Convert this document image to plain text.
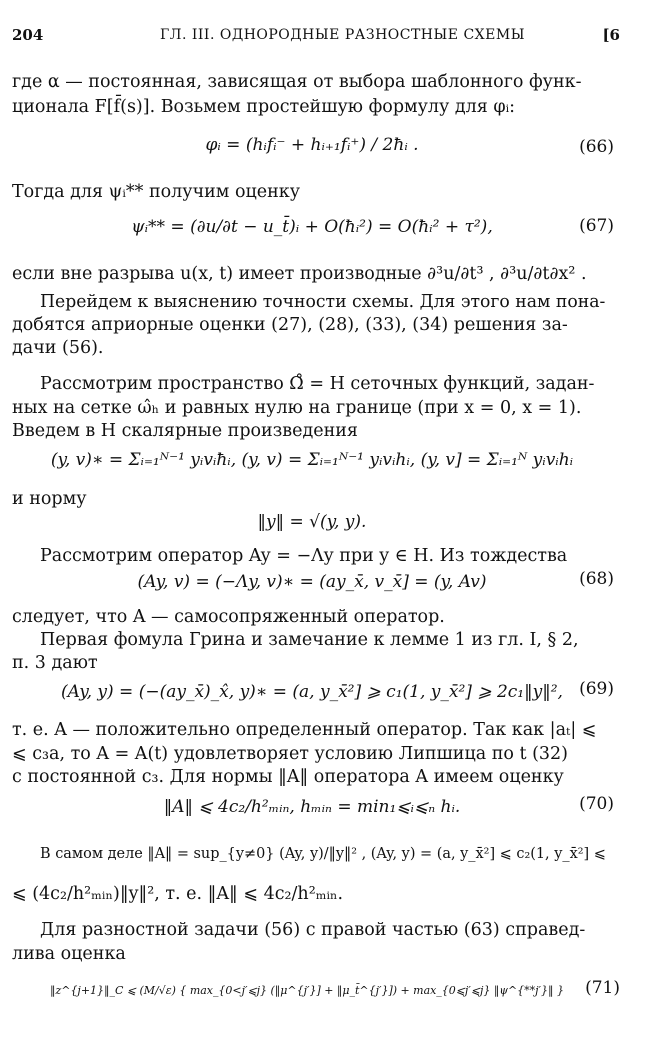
204	ГЛ. III. ОДНОРОДНЫЕ РАЗНОСТНЫЕ СХЕМЫ	[6
где α — постоянная, зависящая от выбора шаблонного функ-
ционала F[f̄(s)]. Возьмем простейшую формулу для φᵢ:
φᵢ = (hᵢfᵢ⁻ + hᵢ₊₁fᵢ⁺) / 2ħᵢ .	(66)
Тогда для ψᵢ** получим оценку
ψᵢ** = (∂u/∂t − u_t̄)ᵢ + O(ħᵢ²) = O(ħᵢ² + τ²),	(67)
если вне разрыва u(x, t) имеет производные ∂³u/∂t³ , ∂³u/∂t∂x² .
Перейдем к выяснению точности схемы. Для этого нам пона-
добятся априорные оценки (27), (28), (33), (34) решения за-
дачи (56).
Рассмотрим пространство Ω̊ = H сеточных функций, задан-
ных на сетке ω̂ₕ и равных нулю на границе (при x = 0, x = 1).
Введем в H скалярные произведения
(y, v)∗ = Σᵢ₌₁ᴺ⁻¹ yᵢvᵢħᵢ, (y, v) = Σᵢ₌₁ᴺ⁻¹ yᵢvᵢhᵢ, (y, v] = Σᵢ₌₁ᴺ yᵢvᵢhᵢ
и норму
‖y‖ = √(y, y).
Рассмотрим оператор Ay = −Λy при y ∈ H. Из тождества
(Ay, v) = (−Λy, v)∗ = (ay_x̄, v_x̄] = (y, Av)	(68)
следует, что A — самосопряженный оператор.
Первая фомула Грина и замечание к лемме 1 из гл. I, § 2,
п. 3 дают
(Ay, y) = (−(ay_x̄)_x̂, y)∗ = (a, y_x̄²] ⩾ c₁(1, y_x̄²] ⩾ 2c₁‖y‖², (69)
т. е. A — положительно определенный оператор. Так как |aₜ| ⩽
⩽ c₃a, то A = A(t) удовлетворяет условию Липшица по t (32)
с постоянной c₃. Для нормы ‖A‖ оператора A имеем оценку
‖A‖ ⩽ 4c₂/h²ₘᵢₙ, hₘᵢₙ = min₁⩽ᵢ⩽ₙ hᵢ.	(70)
В самом деле ‖A‖ = sup_{y≠0} (Ay, y)/‖y‖² , (Ay, y) = (a, y_x̄²] ⩽ c₂(1, y_x̄²] ⩽
⩽ (4c₂/h²ₘᵢₙ)‖y‖², т. е. ‖A‖ ⩽ 4c₂/h²ₘᵢₙ.
Для разностной задачи (56) с правой частью (63) справед-
лива оценка
‖z^{j+1}‖_C ⩽ (M/√ε) { max_{0<j′⩽j} (‖μ^{j′}] + ‖μ_t̄^{j′}]) + max_{0⩽j′⩽j} ‖ψ^{**j′}‖ }	(71)
